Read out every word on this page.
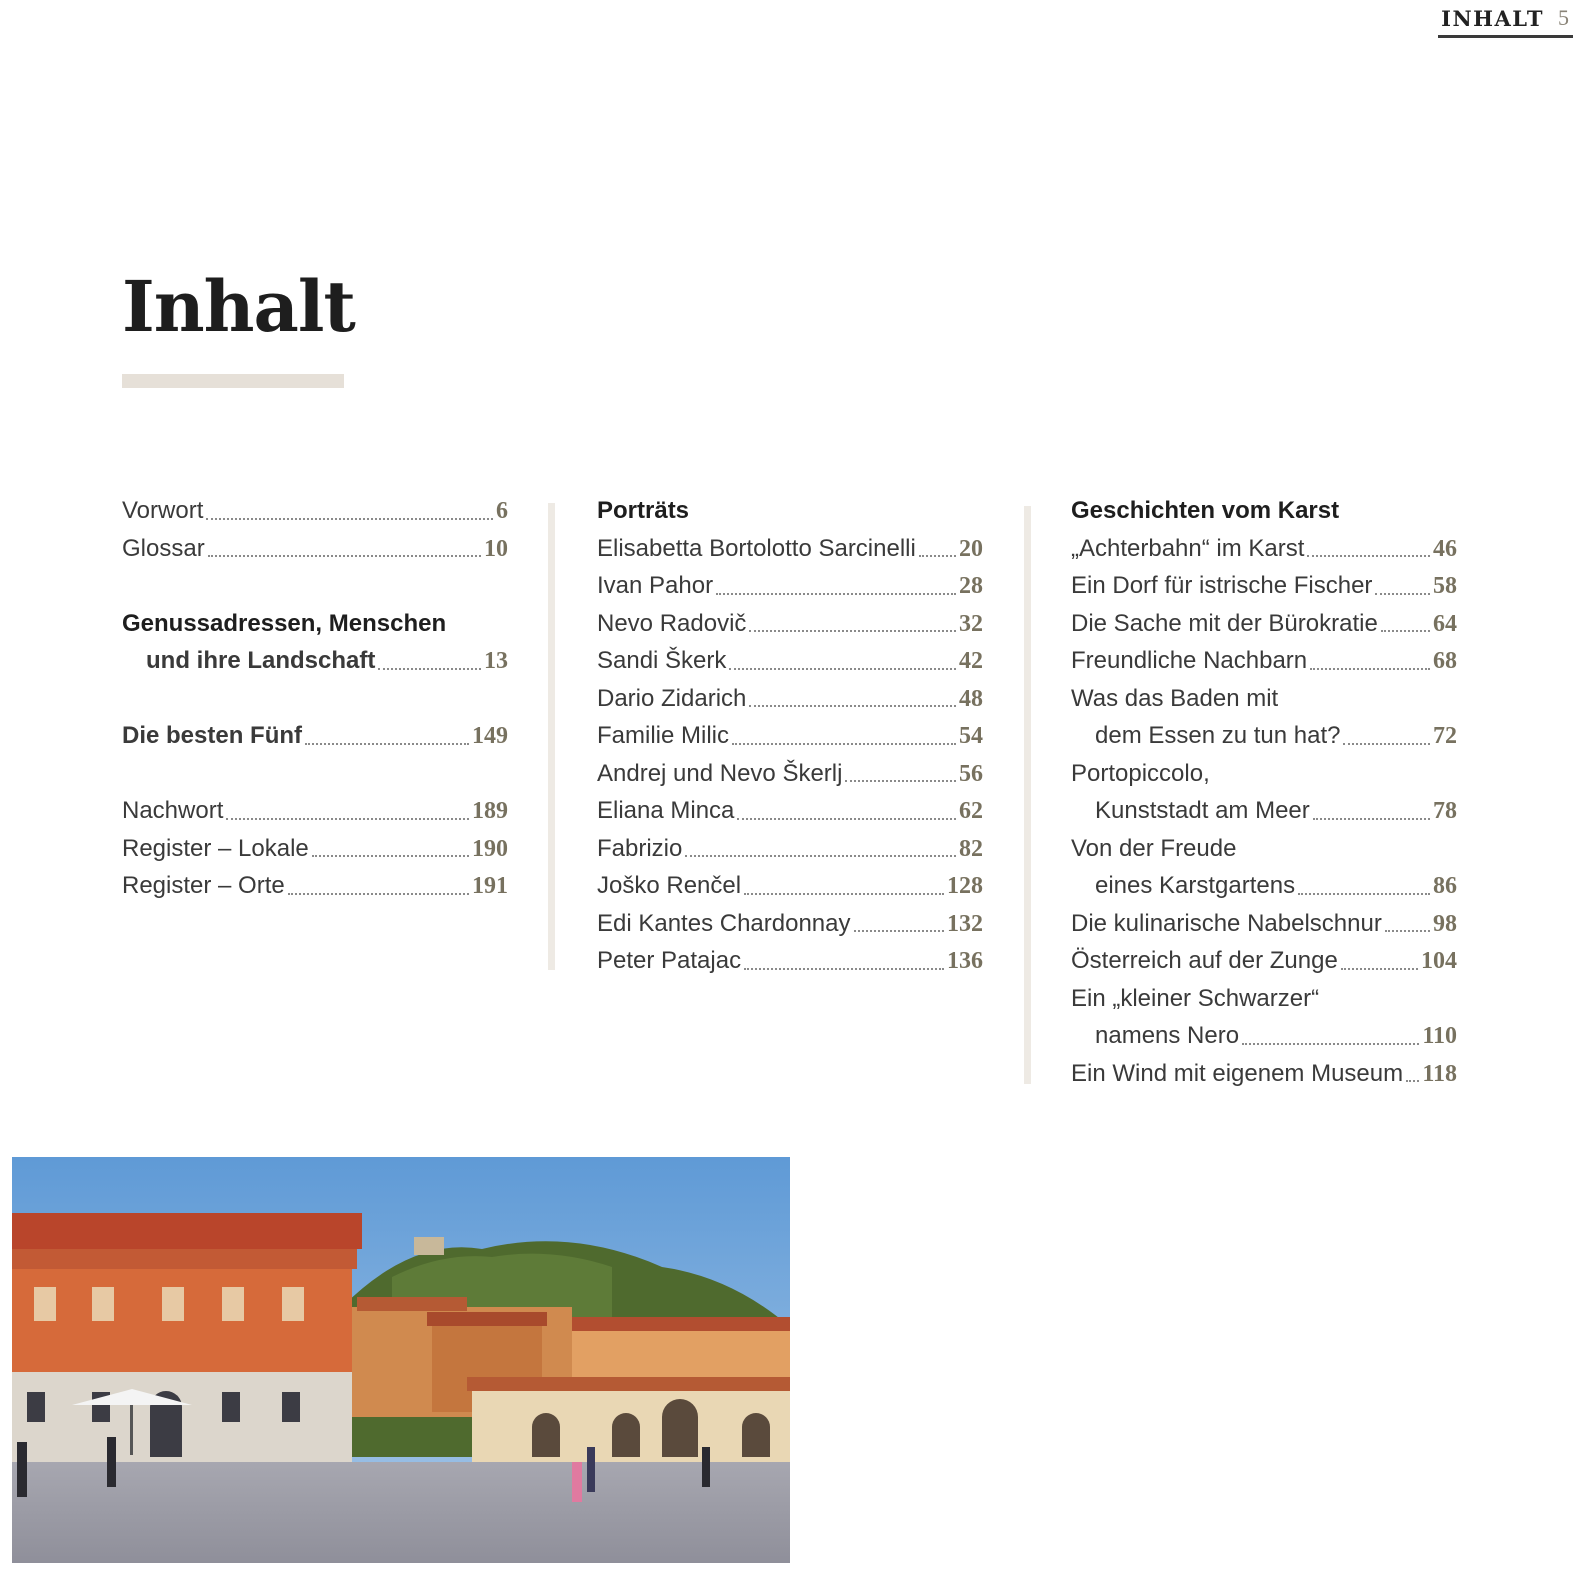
INHALT 5
Inhalt
Vorwort	6
Glossar	10
Genussadressen, Menschen
und ihre Landschaft	13
Die besten Fünf	149
Nachwort	189
Register – Lokale	190
Register – Orte	191
Porträts
Elisabetta Bortolotto Sarcinelli 20
Ivan Pahor	28
Nevo Radovič	32
Sandi Škerk	42
Dario Zidarich	48
Familie Milic	54
Andrej und Nevo Škerlj	56
Eliana Minca	62
Fabrizio	82
Joško Renčel	128
Edi Kantes Chardonnay	132
Peter Patajac	136
Geschichten vom Karst
„Achterbahn“ im Karst	46
Ein Dorf für istrische Fischer	58
Die Sache mit der Bürokratie 64
Freundliche Nachbarn	68
Was das Baden mit
dem Essen zu tun hat?	72
Portopiccolo,
Kunststadt am Meer	78
Von der Freude
eines Karstgartens	86
Die kulinarische Nabelschnur 98
Österreich auf der Zunge	104
Ein „kleiner Schwarzer“
namens Nero	110
Ein Wind mit eigenem Museum 118
